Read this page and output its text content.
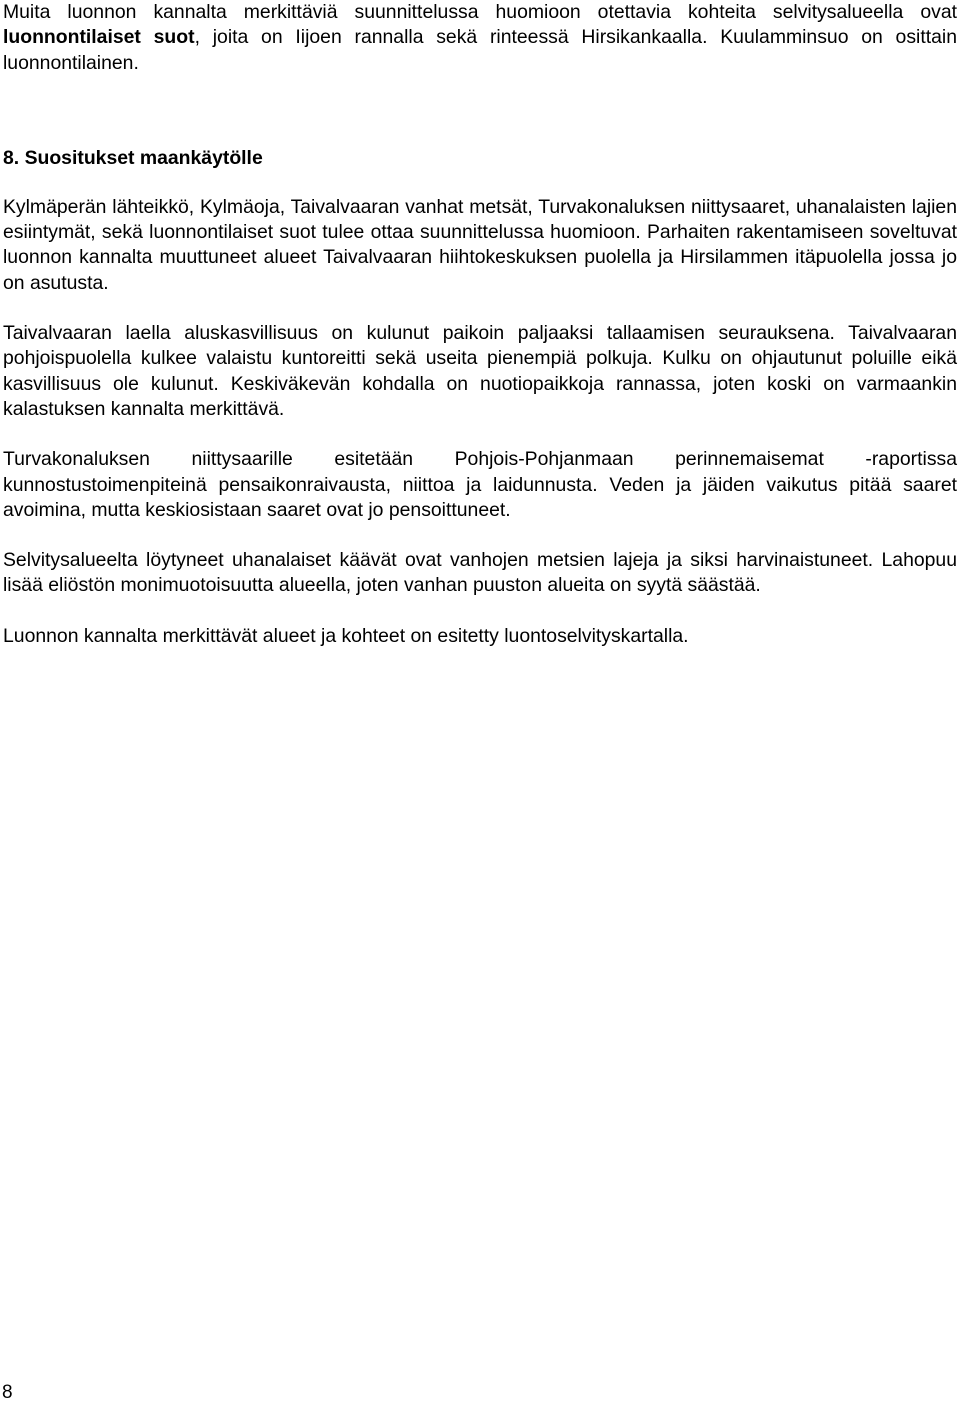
Muita luonnon kannalta merkittäviä suunnittelussa huomioon otettavia kohteita selvitysalueella ovat luonnontilaiset suot, joita on Iijoen rannalla sekä rinteessä Hirsikankaalla. Kuulamminsuo on osittain luonnontilainen.

8. Suositukset maankäytölle

Kylmäperän lähteikkö, Kylmäoja, Taivalvaaran vanhat metsät, Turvakonaluksen niittysaaret, uhanalaisten lajien esiintymät, sekä luonnontilaiset suot tulee ottaa suunnittelussa huomioon. Parhaiten rakentamiseen soveltuvat luonnon kannalta muuttuneet alueet Taivalvaaran hiihtokeskuksen puolella ja Hirsilammen itäpuolella jossa jo on asutusta.

Taivalvaaran laella aluskasvillisuus on kulunut paikoin paljaaksi tallaamisen seurauksena. Taivalvaaran pohjoispuolella kulkee valaistu kuntoreitti sekä useita pienempiä polkuja. Kulku on ohjautunut poluille eikä kasvillisuus ole kulunut. Keskiväkevän kohdalla on nuotiopaikkoja rannassa, joten koski on varmaankin kalastuksen kannalta merkittävä.

Turvakonaluksen niittysaarille esitetään Pohjois-Pohjanmaan perinnemaisemat -raportissa kunnostustoimenpiteinä pensaikonraivausta, niittoa ja laidunnusta. Veden ja jäiden vaikutus pitää saaret avoimina, mutta keskiosistaan saaret ovat jo pensoittuneet.

Selvitysalueelta löytyneet uhanalaiset käävät ovat vanhojen metsien lajeja ja siksi harvinaistuneet. Lahopuu lisää eliöstön monimuotoisuutta alueella, joten vanhan puuston alueita on syytä säästää.

Luonnon kannalta merkittävät alueet ja kohteet on esitetty luontoselvityskartalla.

8
